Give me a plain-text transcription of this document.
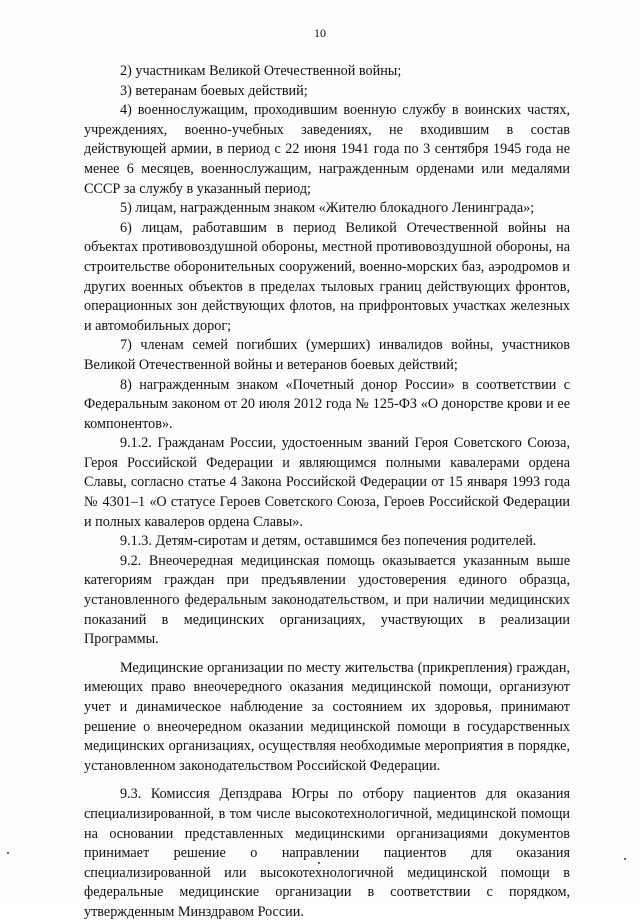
10

2) участникам Великой Отечественной войны;

3) ветеранам боевых действий;

4) военнослужащим, проходившим военную службу в воинских частях, учреждениях, военно-учебных заведениях, не входившим в состав действующей армии, в период с 22 июня 1941 года по 3 сентября 1945 года не менее 6 месяцев, военнослужащим, награжденным орденами или медалями СССР за службу в указанный период;

5) лицам, награжденным знаком «Жителю блокадного Ленинграда»;

6) лицам, работавшим в период Великой Отечественной войны на объектах противовоздушной обороны, местной противовоздушной обороны, на строительстве оборонительных сооружений, военно-морских баз, аэродромов и других военных объектов в пределах тыловых границ действующих фронтов, операционных зон действующих флотов, на прифронтовых участках железных и автомобильных дорог;

7) членам семей погибших (умерших) инвалидов войны, участников Великой Отечественной войны и ветеранов боевых действий;

8) награжденным знаком «Почетный донор России» в соответствии с Федеральным законом от 20 июля 2012 года № 125-ФЗ «О донорстве крови и ее компонентов».

9.1.2. Гражданам России, удостоенным званий Героя Советского Союза, Героя Российской Федерации и являющимся полными кавалерами ордена Славы, согласно статье 4 Закона Российской Федерации от 15 января 1993 года № 4301–1 «О статусе Героев Советского Союза, Героев Российской Федерации и полных кавалеров ордена Славы».

9.1.3. Детям-сиротам и детям, оставшимся без попечения родителей.

9.2. Внеочередная медицинская помощь оказывается указанным выше категориям граждан при предъявлении удостоверения единого образца, установленного федеральным законодательством, и при наличии медицинских показаний в медицинских организациях, участвующих в реализации Программы.

Медицинские организации по месту жительства (прикрепления) граждан, имеющих право внеочередного оказания медицинской помощи, организуют учет и динамическое наблюдение за состоянием их здоровья, принимают решение о внеочередном оказании медицинской помощи в государственных медицинских организациях, осуществляя необходимые мероприятия в порядке, установленном законодательством Российской Федерации.

9.3. Комиссия Депздрава Югры по отбору пациентов для оказания специализированной, в том числе высокотехнологичной, медицинской помощи на основании представленных медицинскими организациями документов принимает решение о направлении пациентов для оказания специализированной или высокотехнологичной медицинской помощи в федеральные медицинские организации в соответствии с порядком, утвержденным Минздравом России.
